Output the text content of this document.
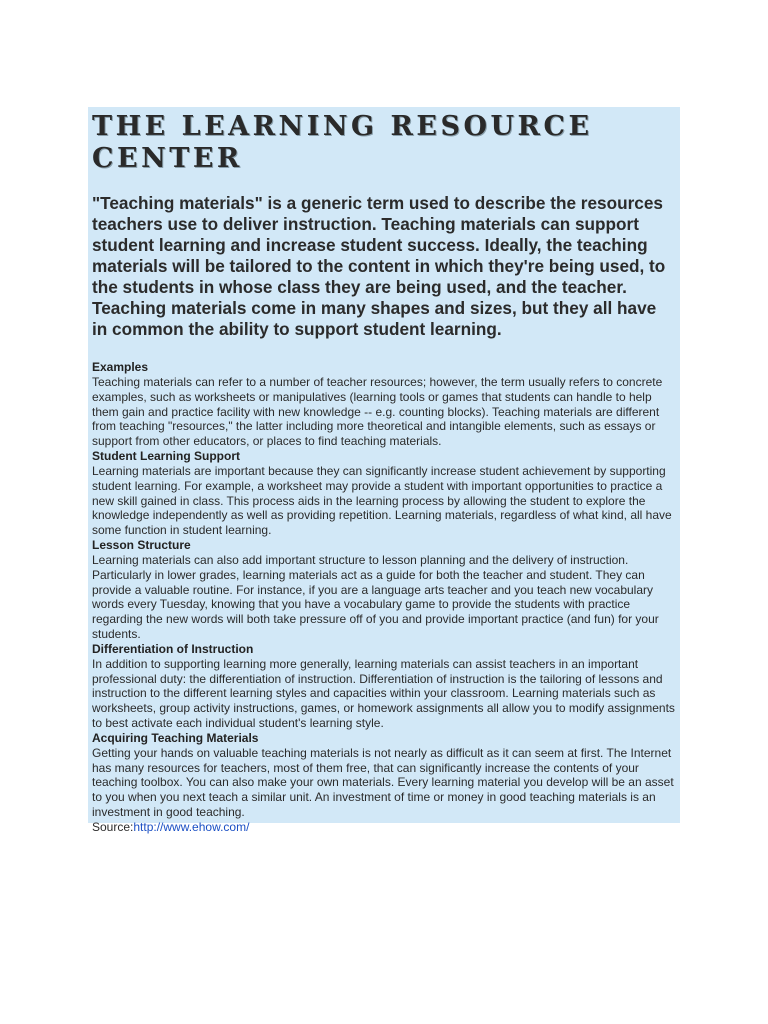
THE LEARNING RESOURCE CENTER

"Teaching materials" is a generic term used to describe the resources teachers use to deliver instruction. Teaching materials can support student learning and increase student success. Ideally, the teaching materials will be tailored to the content in which they're being used, to the students in whose class they are being used, and the teacher. Teaching materials come in many shapes and sizes, but they all have in common the ability to support student learning.

Examples

Teaching materials can refer to a number of teacher resources; however, the term usually refers to concrete examples, such as worksheets or manipulatives (learning tools or games that students can handle to help them gain and practice facility with new knowledge -- e.g. counting blocks). Teaching materials are different from teaching "resources," the latter including more theoretical and intangible elements, such as essays or support from other educators, or places to find teaching materials.

Student Learning Support

Learning materials are important because they can significantly increase student achievement by supporting student learning. For example, a worksheet may provide a student with important opportunities to practice a new skill gained in class. This process aids in the learning process by allowing the student to explore the knowledge independently as well as providing repetition. Learning materials, regardless of what kind, all have some function in student learning.

Lesson Structure

Learning materials can also add important structure to lesson planning and the delivery of instruction. Particularly in lower grades, learning materials act as a guide for both the teacher and student. They can provide a valuable routine. For instance, if you are a language arts teacher and you teach new vocabulary words every Tuesday, knowing that you have a vocabulary game to provide the students with practice regarding the new words will both take pressure off of you and provide important practice (and fun) for your students.

Differentiation of Instruction

In addition to supporting learning more generally, learning materials can assist teachers in an important professional duty: the differentiation of instruction. Differentiation of instruction is the tailoring of lessons and instruction to the different learning styles and capacities within your classroom. Learning materials such as worksheets, group activity instructions, games, or homework assignments all allow you to modify assignments to best activate each individual student's learning style.

Acquiring Teaching Materials

Getting your hands on valuable teaching materials is not nearly as difficult as it can seem at first. The Internet has many resources for teachers, most of them free, that can significantly increase the contents of your teaching toolbox. You can also make your own materials. Every learning material you develop will be an asset to you when you next teach a similar unit. An investment of time or money in good teaching materials is an investment in good teaching.

Source:http://www.ehow.com/
